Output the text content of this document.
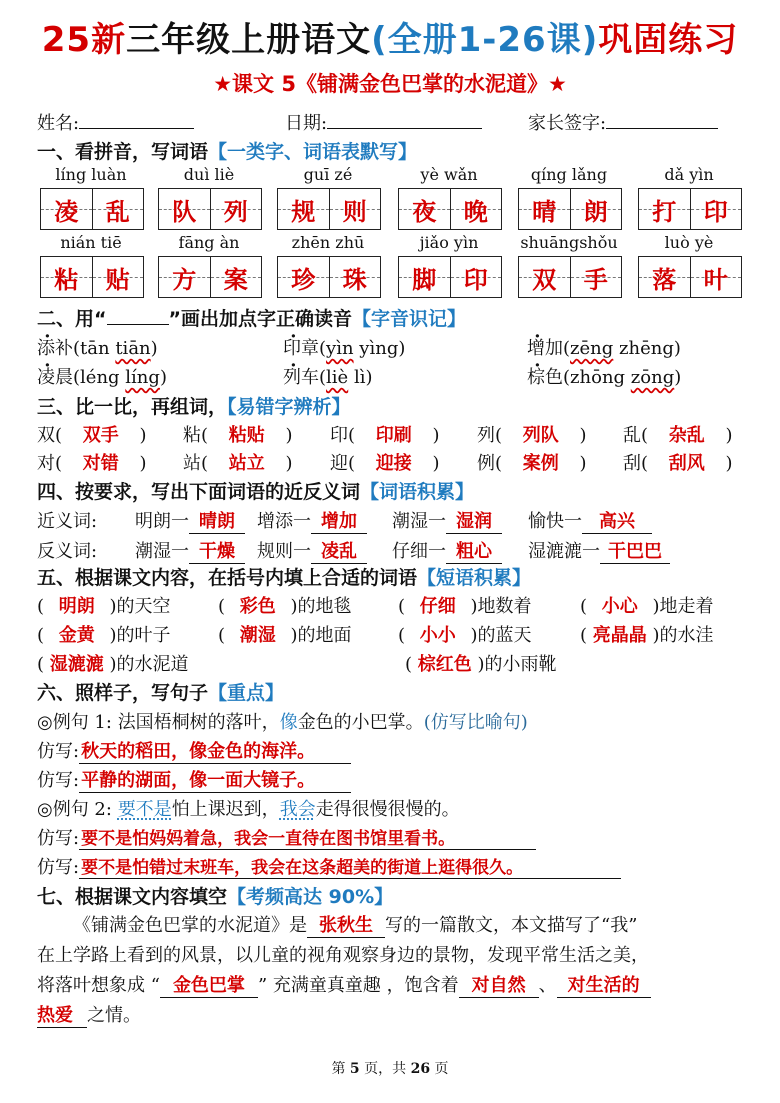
25新三年级上册语文(全册1-26课)巩固练习
★课文 5《铺满金色巴掌的水泥道》★
姓名:	日期:	家长签字:
一、看拼音，写词语【一类字、词语表默写】
líng luàn
凌 乱
duì liè
队 列
guī zé
规 则
yè wǎn
夜 晚
qíng lǎng
晴 朗
dǎ yìn
打 印
nián tiē
粘 贴
fāng àn
方 案
zhēn zhū
珍 珠
jiǎo yìn
脚 印
shuāngshǒu
双 手
luò yè
落 叶
二、用“	”画出加点字正确读音【字音识记】
添补(tān tiān)	印章(yìn yìng)	增加(zēng zhēng)
凌晨(léng líng)	列车(liè lì)	棕色(zhōng zōng)
三、比一比，再组词，【易错字辨析】
双( 双手 ) 粘( 粘贴 ) 印( 印刷 ) 列( 列队 ) 乱( 杂乱 )
对( 对错 ) 站( 站立 ) 迎( 迎接 ) 例( 案例 ) 刮( 刮风 )
四、按要求，写出下面词语的近反义词【词语积累】
近义词: 明朗一 晴朗	增添一 增加	潮湿一 湿润	愉快一 高兴
反义词: 潮湿一 干燥	规则一 凌乱	仔细一 粗心	湿漉漉一 干巴巴
五、根据课文内容，在括号内填上合适的词语【短语积累】
( 明朗 )的天空	( 彩色 )的地毯	( 仔细 )地数着	( 小心 )地走着
( 金黄 )的叶子	( 潮湿 )的地面	( 小小 )的蓝天	( 亮晶晶 )的水洼
( 湿漉漉 )的水泥道	( 棕红色 )的小雨靴
六、照样子，写句子【重点】
◎例句 1: 法国梧桐树的落叶，像金色的小巴掌。(仿写比喻句)
仿写: 秋天的稻田，像金色的海洋。
仿写: 平静的湖面，像一面大镜子。
◎例句 2: 要不是怕上课迟到，我会走得很慢很慢的。
仿写: 要不是怕妈妈着急，我会一直待在图书馆里看书。
仿写: 要不是怕错过末班车，我会在这条超美的街道上逛得很久。
七、根据课文内容填空【考频高达 90%】
《铺满金色巴掌的水泥道》是 张秋生 写的一篇散文，本文描写了“我”
在上学路上看到的风景，以儿童的视角观察身边的景物，发现平常生活之美，
将落叶想象成 “ 金色巴掌 ” 充满童真童趣 ，饱含着 对自然 、 对生活的
热爱 之情。
第 5 页，共 26 页
